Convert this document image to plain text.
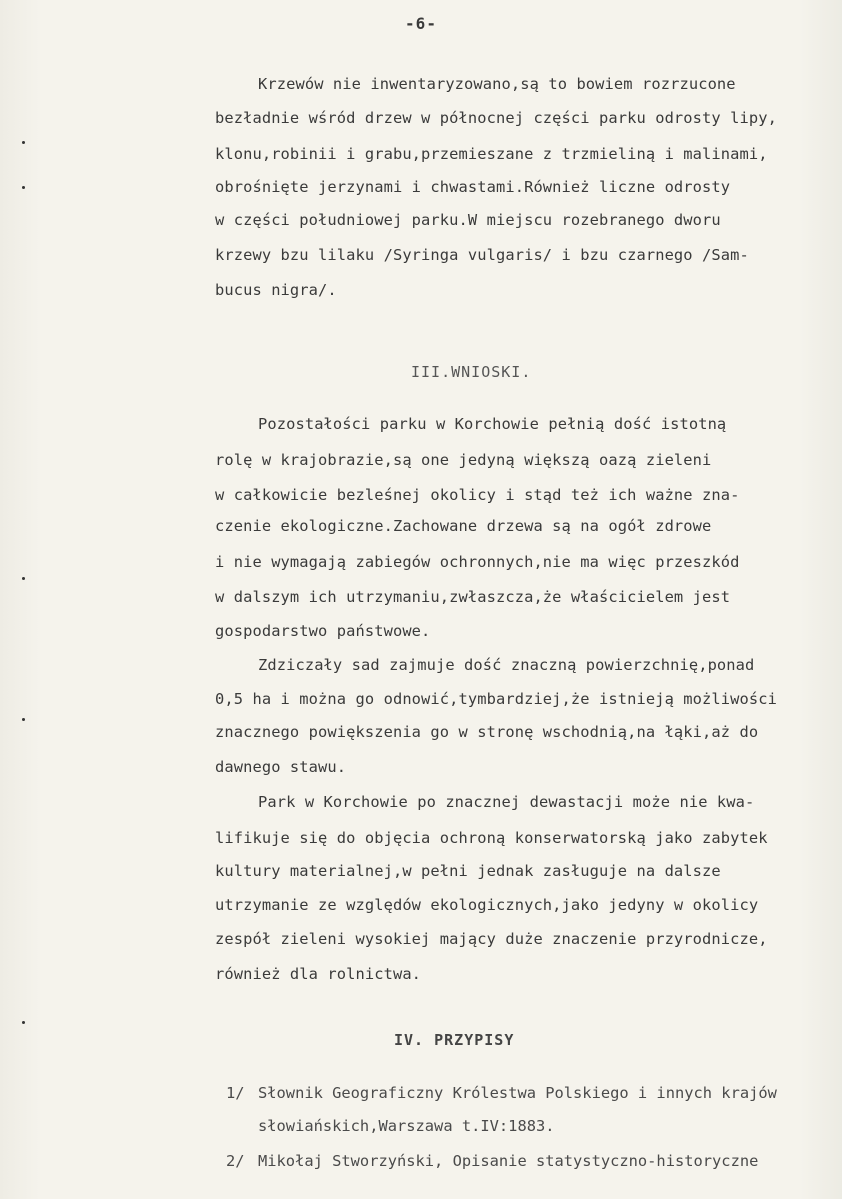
-6-
Krzewów nie inwentaryzowano,są to bowiem rozrzucone
bezładnie wśród drzew w północnej części parku odrosty lipy,
klonu,robinii i grabu,przemieszane z trzmieliną i malinami,
obrośnięte jerzynami i chwastami.Również liczne odrosty
w części południowej parku.W miejscu rozebranego dworu
krzewy bzu lilaku /Syringa vulgaris/ i bzu czarnego /Sam-
bucus nigra/.
III.WNIOSKI.
Pozostałości parku w Korchowie pełnią dość istotną
rolę w krajobrazie,są one jedyną większą oazą zieleni
w całkowicie bezleśnej okolicy i stąd też ich ważne zna-
czenie ekologiczne.Zachowane drzewa są na ogół zdrowe
i nie wymagają zabiegów ochronnych,nie ma więc przeszkód
w dalszym ich utrzymaniu,zwłaszcza,że właścicielem jest
gospodarstwo państwowe.
Zdziczały sad zajmuje dość znaczną powierzchnię,ponad
0,5 ha i można go odnowić,tymbardziej,że istnieją możliwości
znacznego powiększenia go w stronę wschodnią,na łąki,aż do
dawnego stawu.
Park w Korchowie po znacznej dewastacji może nie kwa-
lifikuje się do objęcia ochroną konserwatorską jako zabytek
kultury materialnej,w pełni jednak zasługuje na dalsze
utrzymanie ze względów ekologicznych,jako jedyny w okolicy
zespół zieleni wysokiej mający duże znaczenie przyrodnicze,
również dla rolnictwa.
IV. PRZYPISY
1/ Słownik Geograficzny Królestwa Polskiego i innych krajów
słowiańskich,Warszawa t.IV:1883.
2/ Mikołaj Stworzyński, Opisanie statystyczno-historyczne
